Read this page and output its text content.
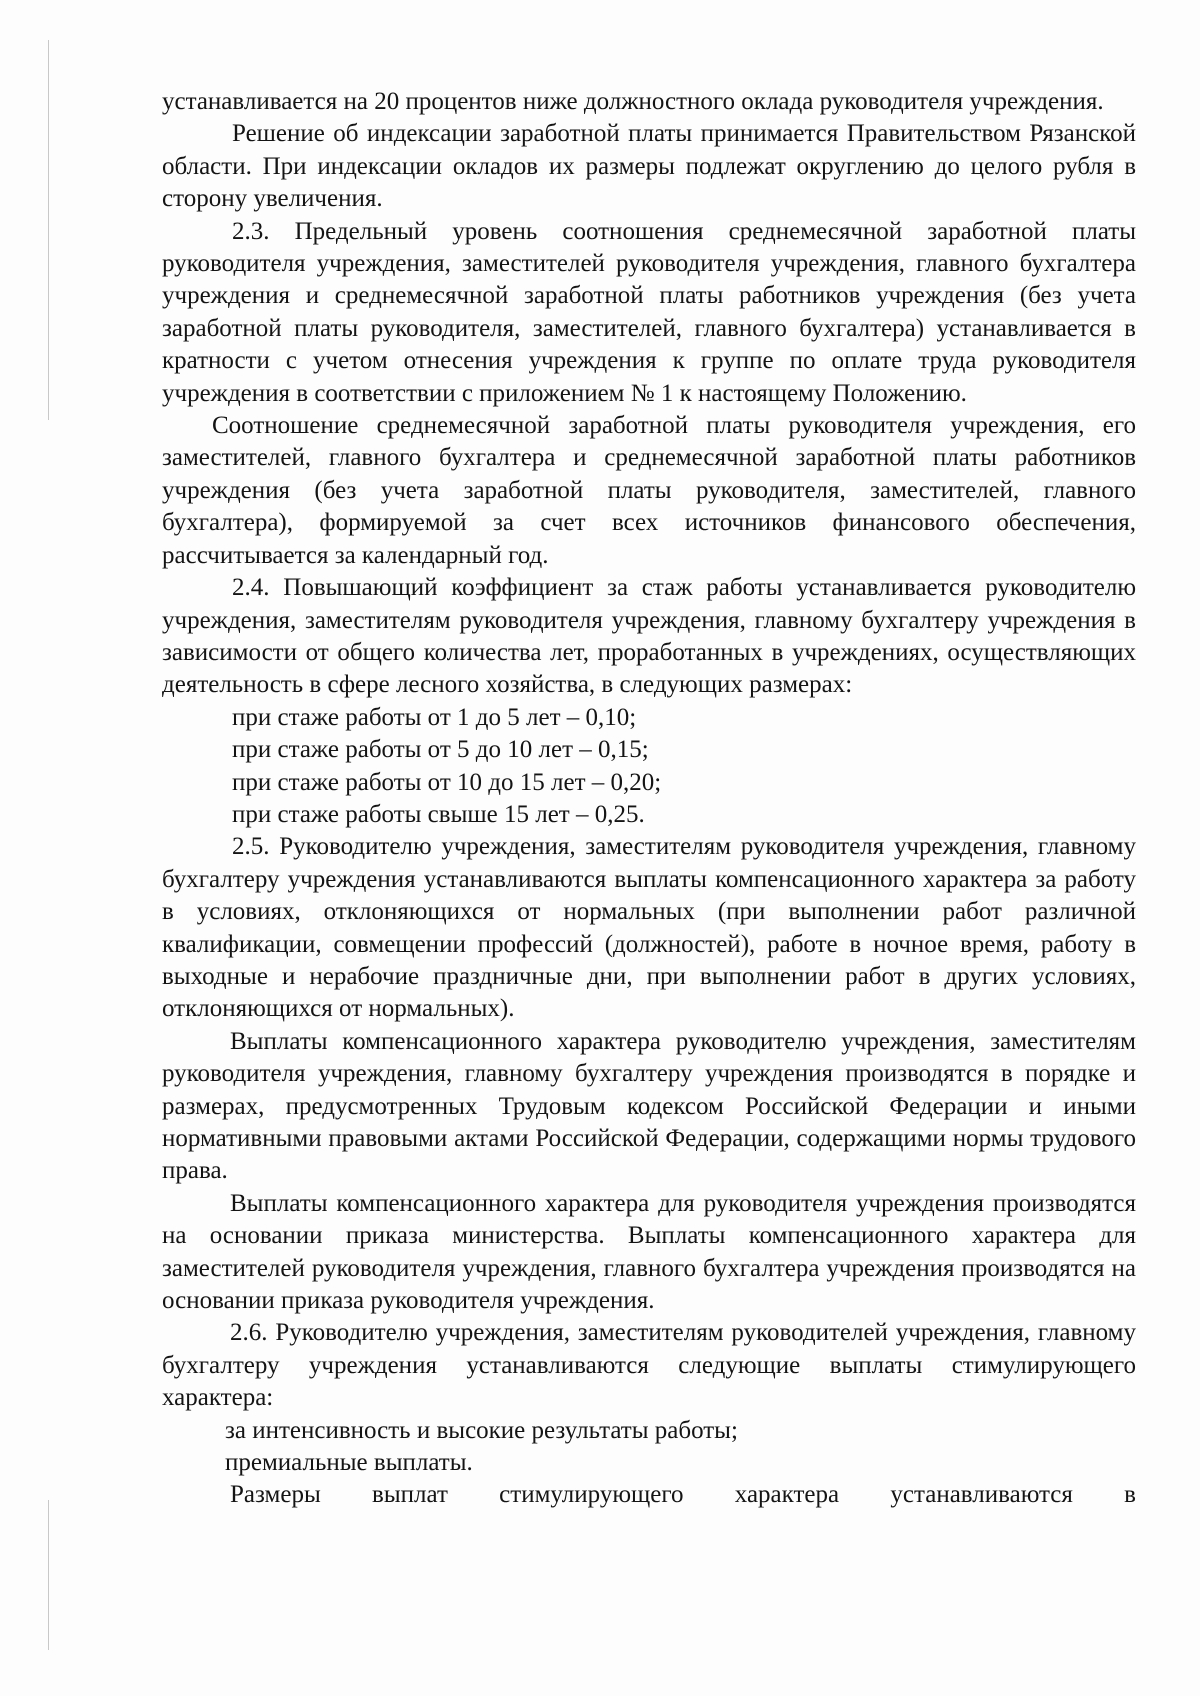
устанавливается на 20 процентов ниже должностного оклада руководителя учреждения.

Решение об индексации заработной платы принимается Правительством Рязанской области. При индексации окладов их размеры подлежат округлению до целого рубля в сторону увеличения.

2.3. Предельный уровень соотношения среднемесячной заработной платы руководителя учреждения, заместителей руководителя учреждения, главного бухгалтера учреждения и среднемесячной заработной платы работников учреждения (без учета заработной платы руководителя, заместителей, главного бухгалтера) устанавливается в кратности с учетом отнесения учреждения к группе по оплате труда руководителя учреждения в соответствии с приложением № 1 к настоящему Положению.

Соотношение среднемесячной заработной платы руководителя учреждения, его заместителей, главного бухгалтера и среднемесячной заработной платы работников учреждения (без учета заработной платы руководителя, заместителей, главного бухгалтера), формируемой за счет всех источников финансового обеспечения, рассчитывается за календарный год.

2.4. Повышающий коэффициент за стаж работы устанавливается руководителю учреждения, заместителям руководителя учреждения, главному бухгалтеру учреждения в зависимости от общего количества лет, проработанных в учреждениях, осуществляющих деятельность в сфере лесного хозяйства, в следующих размерах:

при стаже работы от 1 до 5 лет – 0,10;

при стаже работы от 5 до 10 лет – 0,15;

при стаже работы от 10 до 15 лет – 0,20;

при стаже работы свыше 15 лет – 0,25.

2.5. Руководителю учреждения, заместителям руководителя учреждения, главному бухгалтеру учреждения устанавливаются выплаты компенсационного характера за работу в условиях, отклоняющихся от нормальных (при выполнении работ различной квалификации, совмещении профессий (должностей), работе в ночное время, работу в выходные и нерабочие праздничные дни, при выполнении работ в других условиях, отклоняющихся от нормальных).

Выплаты компенсационного характера руководителю учреждения, заместителям руководителя учреждения, главному бухгалтеру учреждения производятся в порядке и размерах, предусмотренных Трудовым кодексом Российской Федерации и иными нормативными правовыми актами Российской Федерации, содержащими нормы трудового права.

Выплаты компенсационного характера для руководителя учреждения производятся на основании приказа министерства. Выплаты компенсационного характера для заместителей руководителя учреждения, главного бухгалтера учреждения производятся на основании приказа руководителя учреждения.

2.6. Руководителю учреждения, заместителям руководителей учреждения, главному бухгалтеру учреждения устанавливаются следующие выплаты стимулирующего характера:

за интенсивность и высокие результаты работы;

премиальные выплаты.

Размеры выплат стимулирующего характера устанавливаются в
